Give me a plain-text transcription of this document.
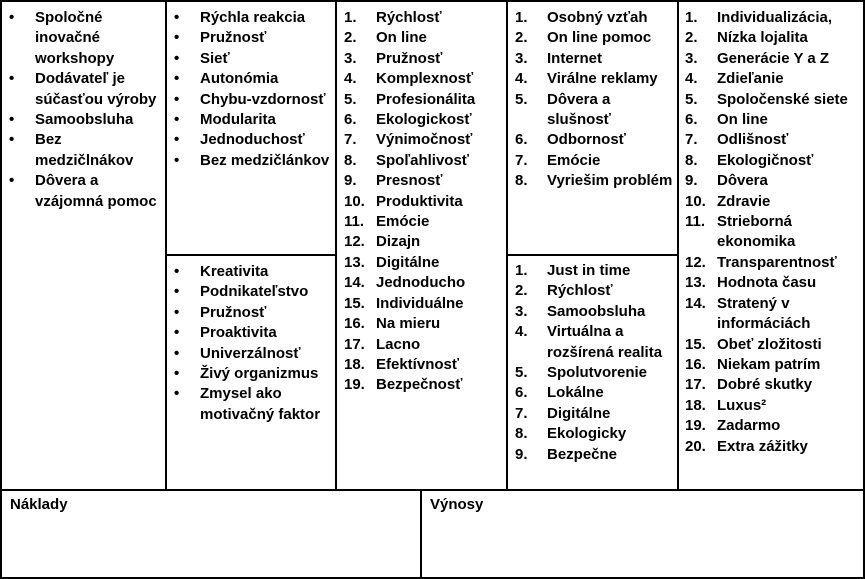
•	Spoločné inovačné workshopy
•	Dodávateľ je súčasťou výroby
•	Samoobsluha
•	Bez medzičlnákov
•	Dôvera a vzájomná pomoc
•	Rýchla reakcia
•	Pružnosť
•	Sieť
•	Autonómia
•	Chybu-vzdornosť
•	Modularita
•	Jednoduchosť
•	Bez medzičlánkov
•	Kreativita
•	Podnikateľstvo
•	Pružnosť
•	Proaktivita
•	Univerzálnosť
•	Živý organizmus
•	Zmysel ako motivačný faktor
1.	Rýchlosť
2.	On line
3.	Pružnosť
4.	Komplexnosť
5.	Profesionálita
6.	Ekologickosť
7.	Výnimočnosť
8.	Spoľahlivosť
9.	Presnosť
10. Produktivita
11. Emócie
12. Dizajn
13. Digitálne
14. Jednoducho
15. Individuálne
16. Na mieru
17. Lacno
18. Efektívnosť
19. Bezpečnosť
1.	Osobný vzťah
2.	On line pomoc
3.	Internet
4.	Virálne reklamy
5.	Dôvera a slušnosť
6.	Odbornosť
7.	Emócie
8.	Vyriešim problém
1.	Just in time
2.	Rýchlosť
3.	Samoobsluha
4.	Virtuálna a rozšírená realita
5.	Spolutvorenie
6.	Lokálne
7.	Digitálne
8.	Ekologicky
9.	Bezpečne
1.	Individualizácia,
2.	Nízka lojalita
3.	Generácie Y a Z
4.	Zdieľanie
5.	Spoločenské siete
6.	On line
7.	Odlišnosť
8.	Ekologičnosť
9.	Dôvera
10. Zdravie
11. Strieborná ekonomika
12. Transparentnosť
13. Hodnota času
14. Stratený v informáciách
15. Obeť zložitosti
16. Niekam patrím
17. Dobré skutky
18. Luxus²
19. Zadarmo
20. Extra zážitky
Náklady	Výnosy
